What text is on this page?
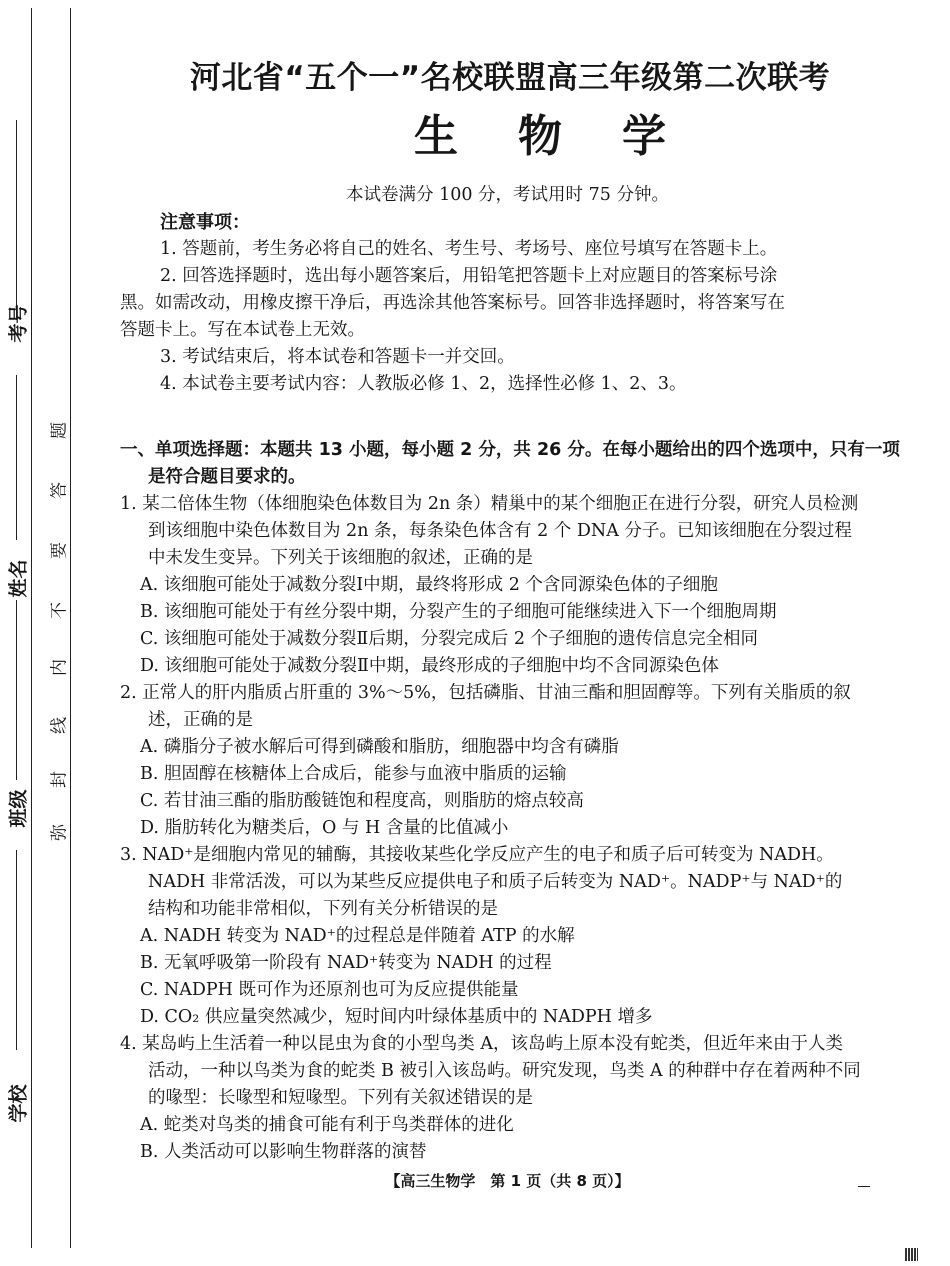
考号
姓名
班级
学校
题
答
要
不
内
线
封
弥
河北省“五个一”名校联盟高三年级第二次联考
生物学

本试卷满分 100 分，考试用时 75 分钟。

注意事项：

1. 答题前，考生务必将自己的姓名、考生号、考场号、座位号填写在答题卡上。

2. 回答选择题时，选出每小题答案后，用铅笔把答题卡上对应题目的答案标号涂

黑。如需改动，用橡皮擦干净后，再选涂其他答案标号。回答非选择题时，将答案写在

答题卡上。写在本试卷上无效。

3. 考试结束后，将本试卷和答题卡一并交回。

4. 本试卷主要考试内容：人教版必修 1、2，选择性必修 1、2、3。

一、单项选择题：本题共 13 小题，每小题 2 分，共 26 分。在每小题给出的四个选项中，只有一项

是符合题目要求的。

1. 某二倍体生物（体细胞染色体数目为 2n 条）精巢中的某个细胞正在进行分裂，研究人员检测

到该细胞中染色体数目为 2n 条，每条染色体含有 2 个 DNA 分子。已知该细胞在分裂过程

中未发生变异。下列关于该细胞的叙述，正确的是

A. 该细胞可能处于减数分裂Ⅰ中期，最终将形成 2 个含同源染色体的子细胞

B. 该细胞可能处于有丝分裂中期，分裂产生的子细胞可能继续进入下一个细胞周期

C. 该细胞可能处于减数分裂Ⅱ后期，分裂完成后 2 个子细胞的遗传信息完全相同

D. 该细胞可能处于减数分裂Ⅱ中期，最终形成的子细胞中均不含同源染色体

2. 正常人的肝内脂质占肝重的 3%～5%，包括磷脂、甘油三酯和胆固醇等。下列有关脂质的叙

述，正确的是

A. 磷脂分子被水解后可得到磷酸和脂肪，细胞器中均含有磷脂

B. 胆固醇在核糖体上合成后，能参与血液中脂质的运输

C. 若甘油三酯的脂肪酸链饱和程度高，则脂肪的熔点较高

D. 脂肪转化为糖类后，O 与 H 含量的比值减小

3. NAD⁺是细胞内常见的辅酶，其接收某些化学反应产生的电子和质子后可转变为 NADH。

NADH 非常活泼，可以为某些反应提供电子和质子后转变为 NAD⁺。NADP⁺与 NAD⁺的

结构和功能非常相似，下列有关分析错误的是

A. NADH 转变为 NAD⁺的过程总是伴随着 ATP 的水解

B. 无氧呼吸第一阶段有 NAD⁺转变为 NADH 的过程

C. NADPH 既可作为还原剂也可为反应提供能量

D. CO₂ 供应量突然减少，短时间内叶绿体基质中的 NADPH 增多

4. 某岛屿上生活着一种以昆虫为食的小型鸟类 A，该岛屿上原本没有蛇类，但近年来由于人类

活动，一种以鸟类为食的蛇类 B 被引入该岛屿。研究发现，鸟类 A 的种群中存在着两种不同

的喙型：长喙型和短喙型。下列有关叙述错误的是

A. 蛇类对鸟类的捕食可能有利于鸟类群体的进化

B. 人类活动可以影响生物群落的演替

【高三生物学　第 1 页（共 8 页）】
